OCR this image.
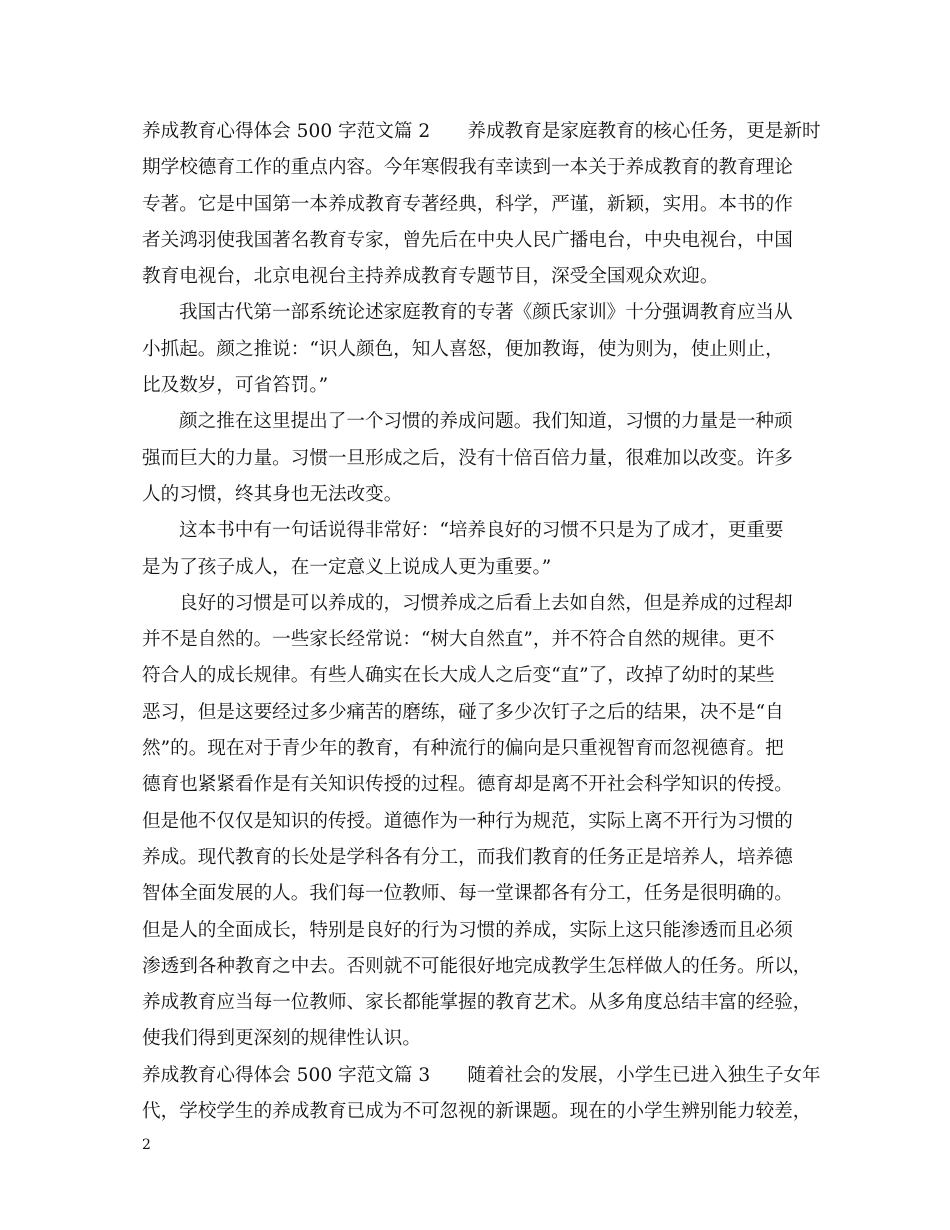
养成教育心得体会 500 字范文篇 2　　养成教育是家庭教育的核心任务，更是新时
期学校德育工作的重点内容。今年寒假我有幸读到一本关于养成教育的教育理论
专著。它是中国第一本养成教育专著经典，科学，严谨，新颖，实用。本书的作
者关鸿羽使我国著名教育专家，曾先后在中央人民广播电台，中央电视台，中国
教育电视台，北京电视台主持养成教育专题节目，深受全国观众欢迎。
我国古代第一部系统论述家庭教育的专著《颜氏家训》十分强调教育应当从
小抓起。颜之推说：“识人颜色，知人喜怒，便加教诲，使为则为，使止则止，
比及数岁，可省笞罚。”
颜之推在这里提出了一个习惯的养成问题。我们知道，习惯的力量是一种顽
强而巨大的力量。习惯一旦形成之后，没有十倍百倍力量，很难加以改变。许多
人的习惯，终其身也无法改变。
这本书中有一句话说得非常好：“培养良好的习惯不只是为了成才，更重要
是为了孩子成人，在一定意义上说成人更为重要。”
良好的习惯是可以养成的，习惯养成之后看上去如自然，但是养成的过程却
并不是自然的。一些家长经常说：“树大自然直”，并不符合自然的规律。更不
符合人的成长规律。有些人确实在长大成人之后变“直”了，改掉了幼时的某些
恶习，但是这要经过多少痛苦的磨练，碰了多少次钉子之后的结果，决不是“自
然”的。现在对于青少年的教育，有种流行的偏向是只重视智育而忽视德育。把
德育也紧紧看作是有关知识传授的过程。德育却是离不开社会科学知识的传授。
但是他不仅仅是知识的传授。道德作为一种行为规范，实际上离不开行为习惯的
养成。现代教育的长处是学科各有分工，而我们教育的任务正是培养人，培养德
智体全面发展的人。我们每一位教师、每一堂课都各有分工，任务是很明确的。
但是人的全面成长，特别是良好的行为习惯的养成，实际上这只能渗透而且必须
渗透到各种教育之中去。否则就不可能很好地完成教学生怎样做人的任务。所以，
养成教育应当每一位教师、家长都能掌握的教育艺术。从多角度总结丰富的经验，
使我们得到更深刻的规律性认识。
养成教育心得体会 500 字范文篇 3　　随着社会的发展，小学生已进入独生子女年
代，学校学生的养成教育已成为不可忽视的新课题。现在的小学生辨别能力较差，
2
